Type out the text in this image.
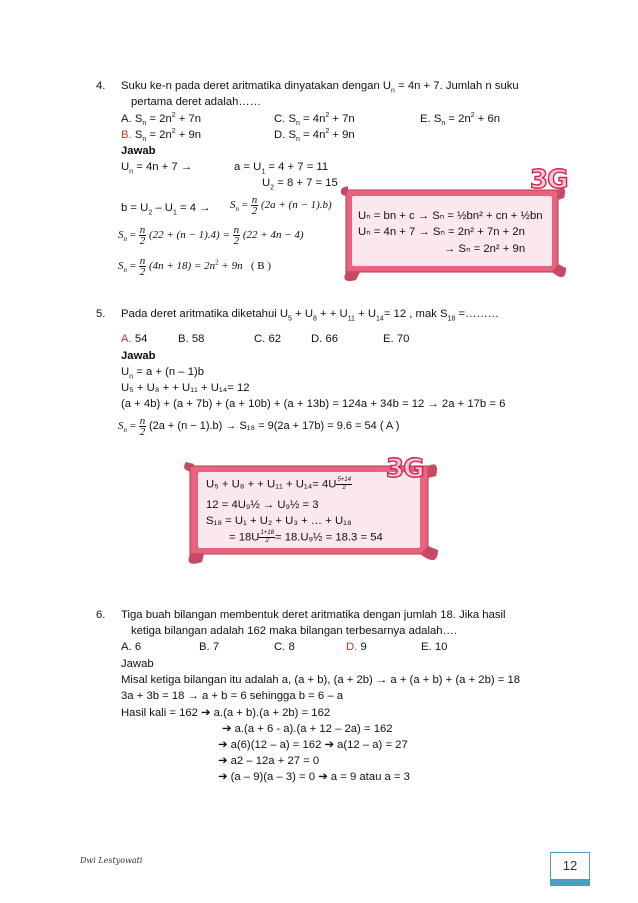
4. Suku ke-n pada deret aritmatika dinyatakan dengan $U_n = 4n + 7$. Jumlah n suku
pertama deret adalah……
A. $S_n = 2n^2 + 7n$	C. $S_n = 4n^2 + 7n$	E. $S_n = 2n^2 + 6n$
B. $S_n = 2n^2 + 9n$	D. $S_n = 4n^2 + 9n$
Jawab
$U_n = 4n + 7$ →	$a = U_1 = 4 + 7 = 11$
$U_2 = 8 + 7 = 15$
$b = U_2 - U_1 = 4 \to S_n = \frac{n}{2} (2a + (n - 1).b)$
$S_n = \frac{n}{2} (22 + (n - 1).4) = \frac{n}{2} (22 + 4n - 4)$
$S_n = \frac{n}{2} (4n + 18) = 2n^2 + 9n$ ( B )
3G
Uₙ = bn + c → Sₙ = ½bn² + cn + ½bn
Uₙ = 4n + 7 → Sₙ = 2n² + 7n + 2n
→ Sₙ = 2n² + 9n
5. Pada deret aritmatika diketahui $U_5 + U_8$ + + $U_{11} + U_{14}= 12$ , mak $S_{18}$ =………
A. 54	B. 58	C. 62	D. 66	E. 70
Jawab
$U_n = a + (n - 1)b$
U₅ + U₈ + + U₁₁ + U₁₄= 12
(a + 4b) + (a + 7b) + (a + 10b) + (a + 13b) = 124a + 34b = 12 → 2a + 17b = 6
$S_n = \frac{n}{2} (2a + (n - 1).b) \to S_{18} = 9(2a + 17b) = 9.6 = 54$ ( A )
3G
U₅ + U₈ + + $U_{11} + U_{14}= 4U \frac{5+14}{2}$
12 = 4U₉½ → U₉½ = 3
S₁₈ = U₁ + U₂ + U₃ + … + U₁₈
= $18U \frac{1+18}{2}$ = 18.U₉½ = 18.3 = 54
6. Tiga buah bilangan membentuk deret aritmatika dengan jumlah 18. Jika hasil
ketiga bilangan adalah 162 maka bilangan terbesarnya adalah….
A. 6	B. 7	C. 8	D. 9	E. 10
Jawab
Misal ketiga bilangan itu adalah a, (a + b), (a + 2b) → a + (a + b) + (a + 2b) = 18
3a + 3b = 18 → a + b = 6 sehingga b = 6 – a
Hasil kali = 162 ➔ a.(a + b).(a + 2b) = 162
➔ a.(a + 6 - a).(a + 12 – 2a) = 162
➔ a(6)(12 – a) = 162 ➔ a(12 – a) = 27
➔ a2 – 12a + 27 = 0
➔ (a – 9)(a – 3) = 0 ➔ a = 9 atau a = 3
Dwi Lestyowati	12
